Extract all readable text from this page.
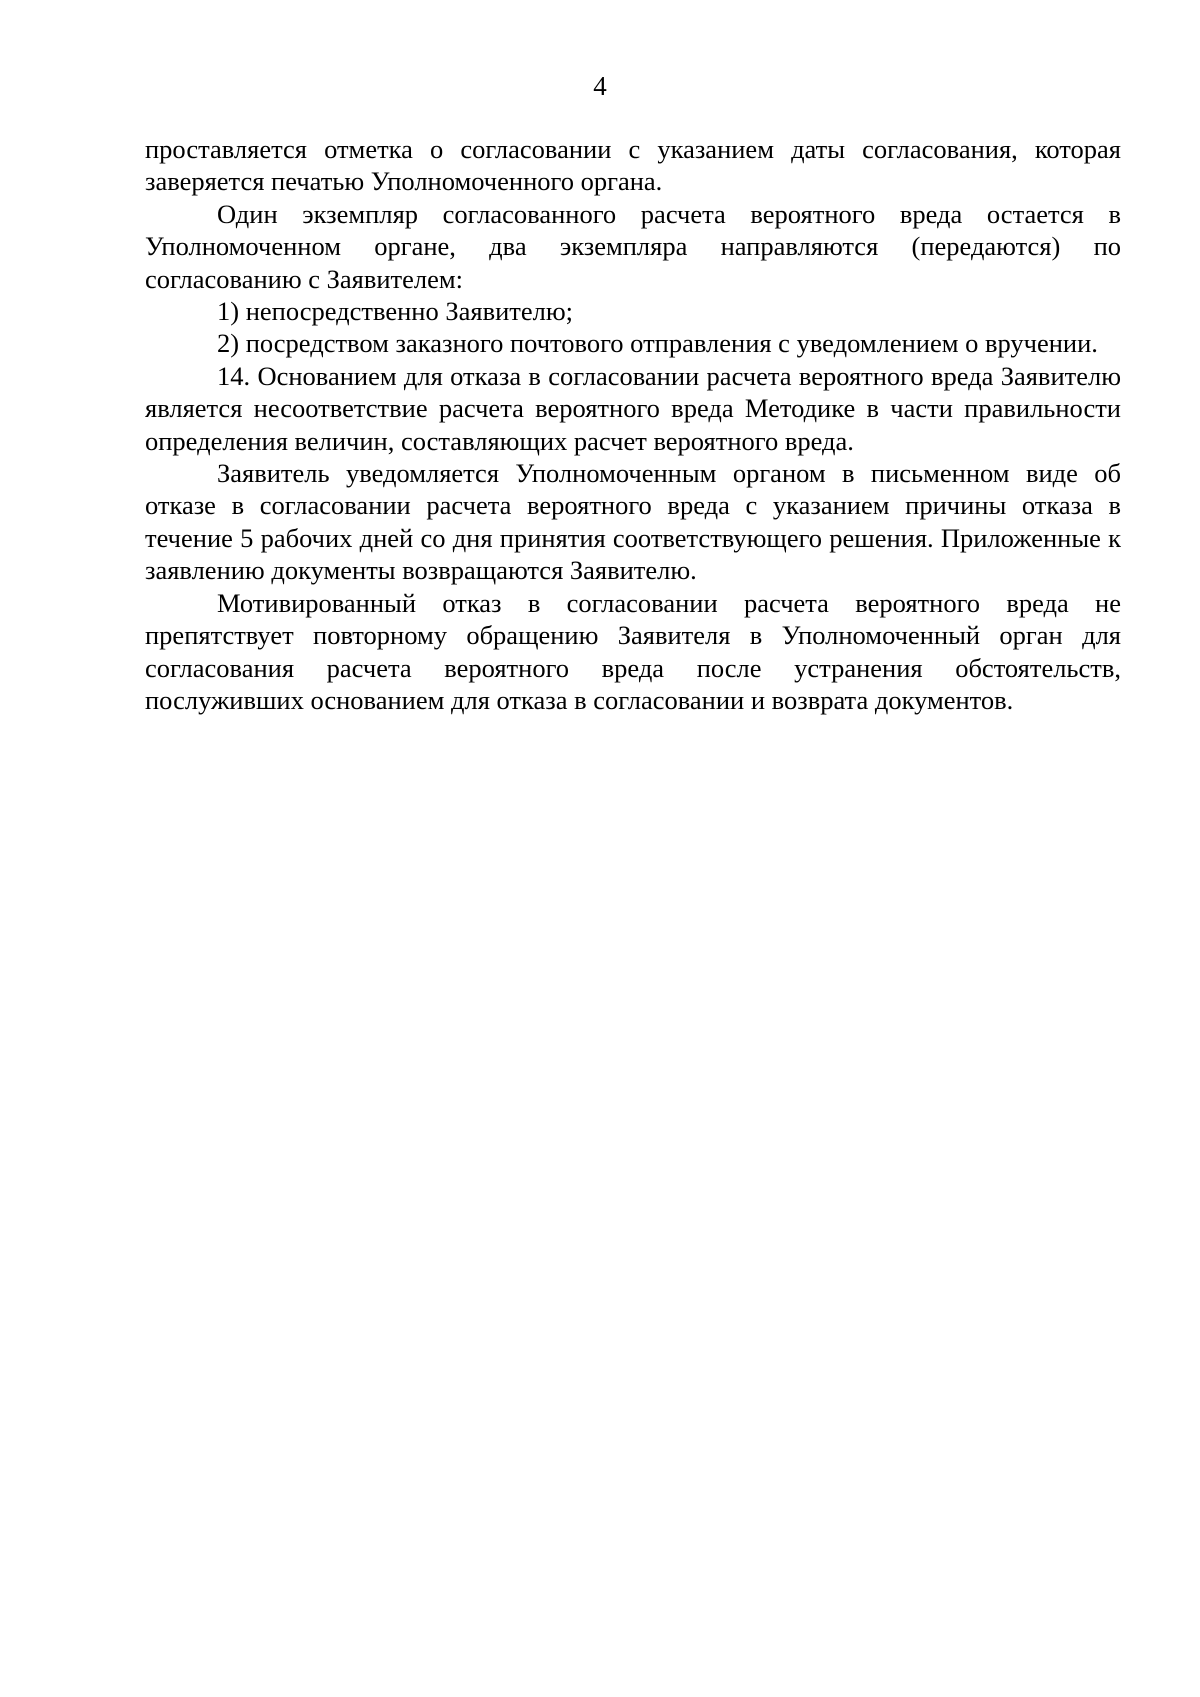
4

проставляется отметка о согласовании с указанием даты согласования, которая заверяется печатью Уполномоченного органа.

Один экземпляр согласованного расчета вероятного вреда остается в Уполномоченном органе, два экземпляра направляются (передаются) по согласованию с Заявителем:

1) непосредственно Заявителю;

2) посредством заказного почтового отправления с уведомлением о вручении.

14. Основанием для отказа в согласовании расчета вероятного вреда Заявителю является несоответствие расчета вероятного вреда Методике в части правильности определения величин, составляющих расчет вероятного вреда.

Заявитель уведомляется Уполномоченным органом в письменном виде об отказе в согласовании расчета вероятного вреда с указанием причины отказа в течение 5 рабочих дней со дня принятия соответствующего решения. Приложенные к заявлению документы возвращаются Заявителю.

Мотивированный отказ в согласовании расчета вероятного вреда не препятствует повторному обращению Заявителя в Уполномоченный орган для согласования расчета вероятного вреда после устранения обстоятельств, послуживших основанием для отказа в согласовании и возврата документов.
